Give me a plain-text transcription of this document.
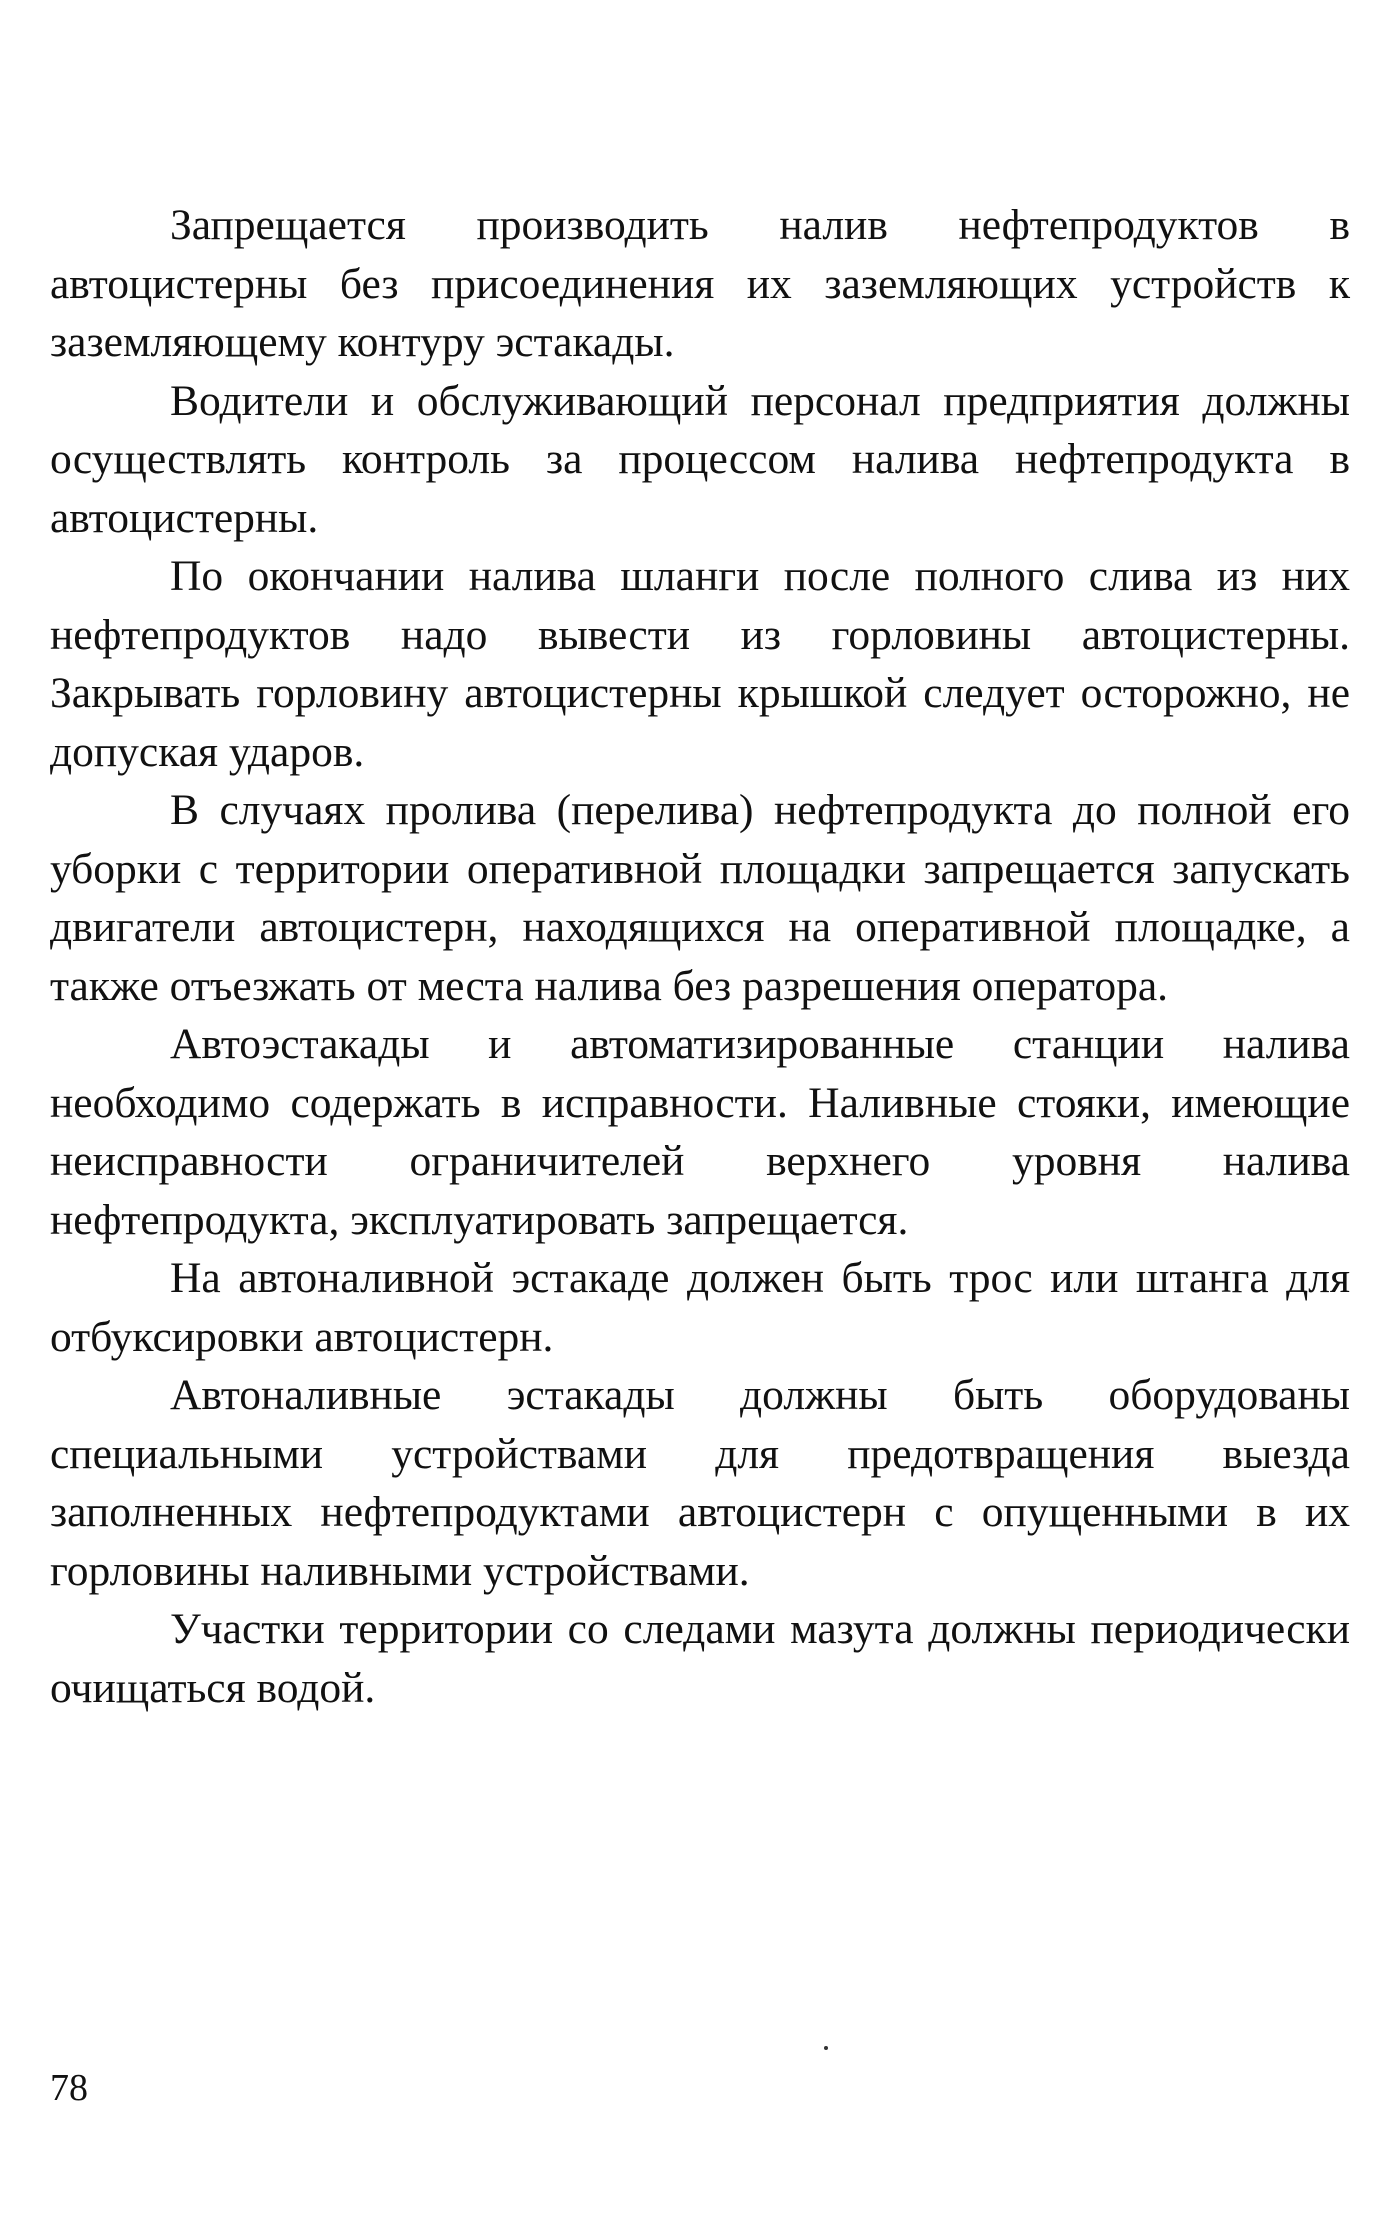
Запрещается производить налив нефтепродуктов в автоцистерны без присоединения их заземляющих устройств к заземляющему контуру эстакады.

Водители и обслуживающий персонал предприятия должны осуществлять контроль за процессом налива нефтепродукта в автоцистерны.

По окончании налива шланги после полного слива из них нефтепродуктов надо вывести из горловины автоцистерны. Закрывать горловину автоцистерны крышкой следует осторожно, не допуская ударов.

В случаях пролива (перелива) нефтепродукта до полной его уборки с территории оперативной площадки запрещается запускать двигатели автоцистерн, находящихся на оперативной площадке, а также отъезжать от места налива без разрешения оператора.

Автоэстакады и автоматизированные станции налива необходимо содержать в исправности. Наливные стояки, имеющие неисправности ограничителей верхнего уровня налива нефтепродукта, эксплуатировать запрещается.

На автоналивной эстакаде должен быть трос или штанга для отбуксировки автоцистерн.

Автоналивные эстакады должны быть оборудованы специальными устройствами для предотвращения выезда заполненных нефтепродуктами автоцистерн с опущенными в их горловины наливными устройствами.

Участки территории со следами мазута должны периодически очищаться водой.

78
